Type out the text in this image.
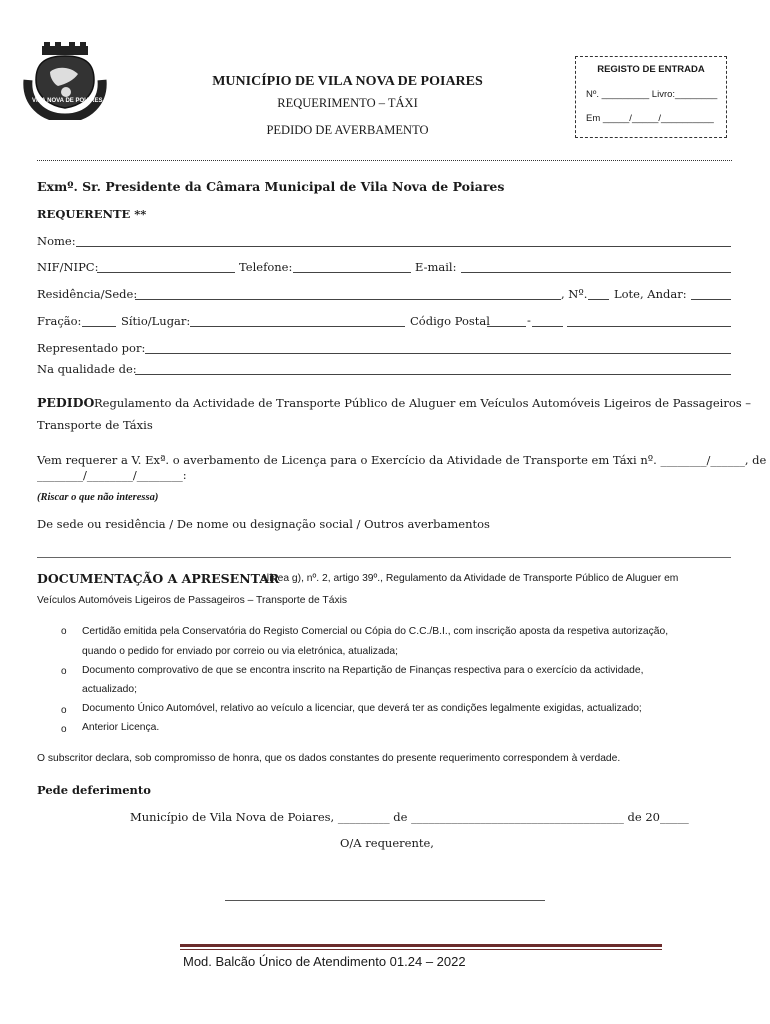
VILA NOVA DE POIARES
MUNICÍPIO DE VILA NOVA DE POIARES
REQUERIMENTO – TÁXI
PEDIDO DE AVERBAMENTO
REGISTO DE ENTRADA
Nº. _________ Livro:________
Em _____/_____/__________
Exmº. Sr. Presidente da Câmara Municipal de Vila Nova de Poiares
REQUERENTE **
Nome:
NIF/NIPC:	Telefone:	E-mail:
Residência/Sede:	, Nº. Lote, Andar:
Fração:	Sítio/Lugar:	Código Postal	-
Representado por:
Na qualidade de:
PEDIDO Regulamento da Actividade de Transporte Público de Aluguer em Veículos Automóveis Ligeiros de Passageiros –
Transporte de Táxis
Vem requerer a V. Exª. o averbamento de Licença para o Exercício da Atividade de Transporte em Táxi nº. ________/______, de
________/________/________:
(Riscar o que não interessa)
De sede ou residência / De nome ou designação social / Outros averbamentos
DOCUMENTAÇÃO A APRESENTAR
alínea g), nº. 2, artigo 39º., Regulamento da Atividade de Transporte Público de Aluguer em
Veículos Automóveis Ligeiros de Passageiros – Transporte de Táxis
o Certidão emitida pela Conservatória do Registo Comercial ou Cópia do C.C./B.I., com inscrição aposta da respetiva autorização,
quando o pedido for enviado por correio ou via eletrónica, atualizada;
o Documento comprovativo de que se encontra inscrito na Repartição de Finanças respectiva para o exercício da actividade,
actualizado;
o Documento Único Automóvel, relativo ao veículo a licenciar, que deverá ter as condições legalmente exigidas, actualizado;
o Anterior Licença.
O subscritor declara, sob compromisso de honra, que os dados constantes do presente requerimento correspondem à verdade.
Pede deferimento
Município de Vila Nova de Poiares, _________ de _____________________________________ de 20_____
O/A requerente,
Mod. Balcão Único de Atendimento 01.24 – 2022
